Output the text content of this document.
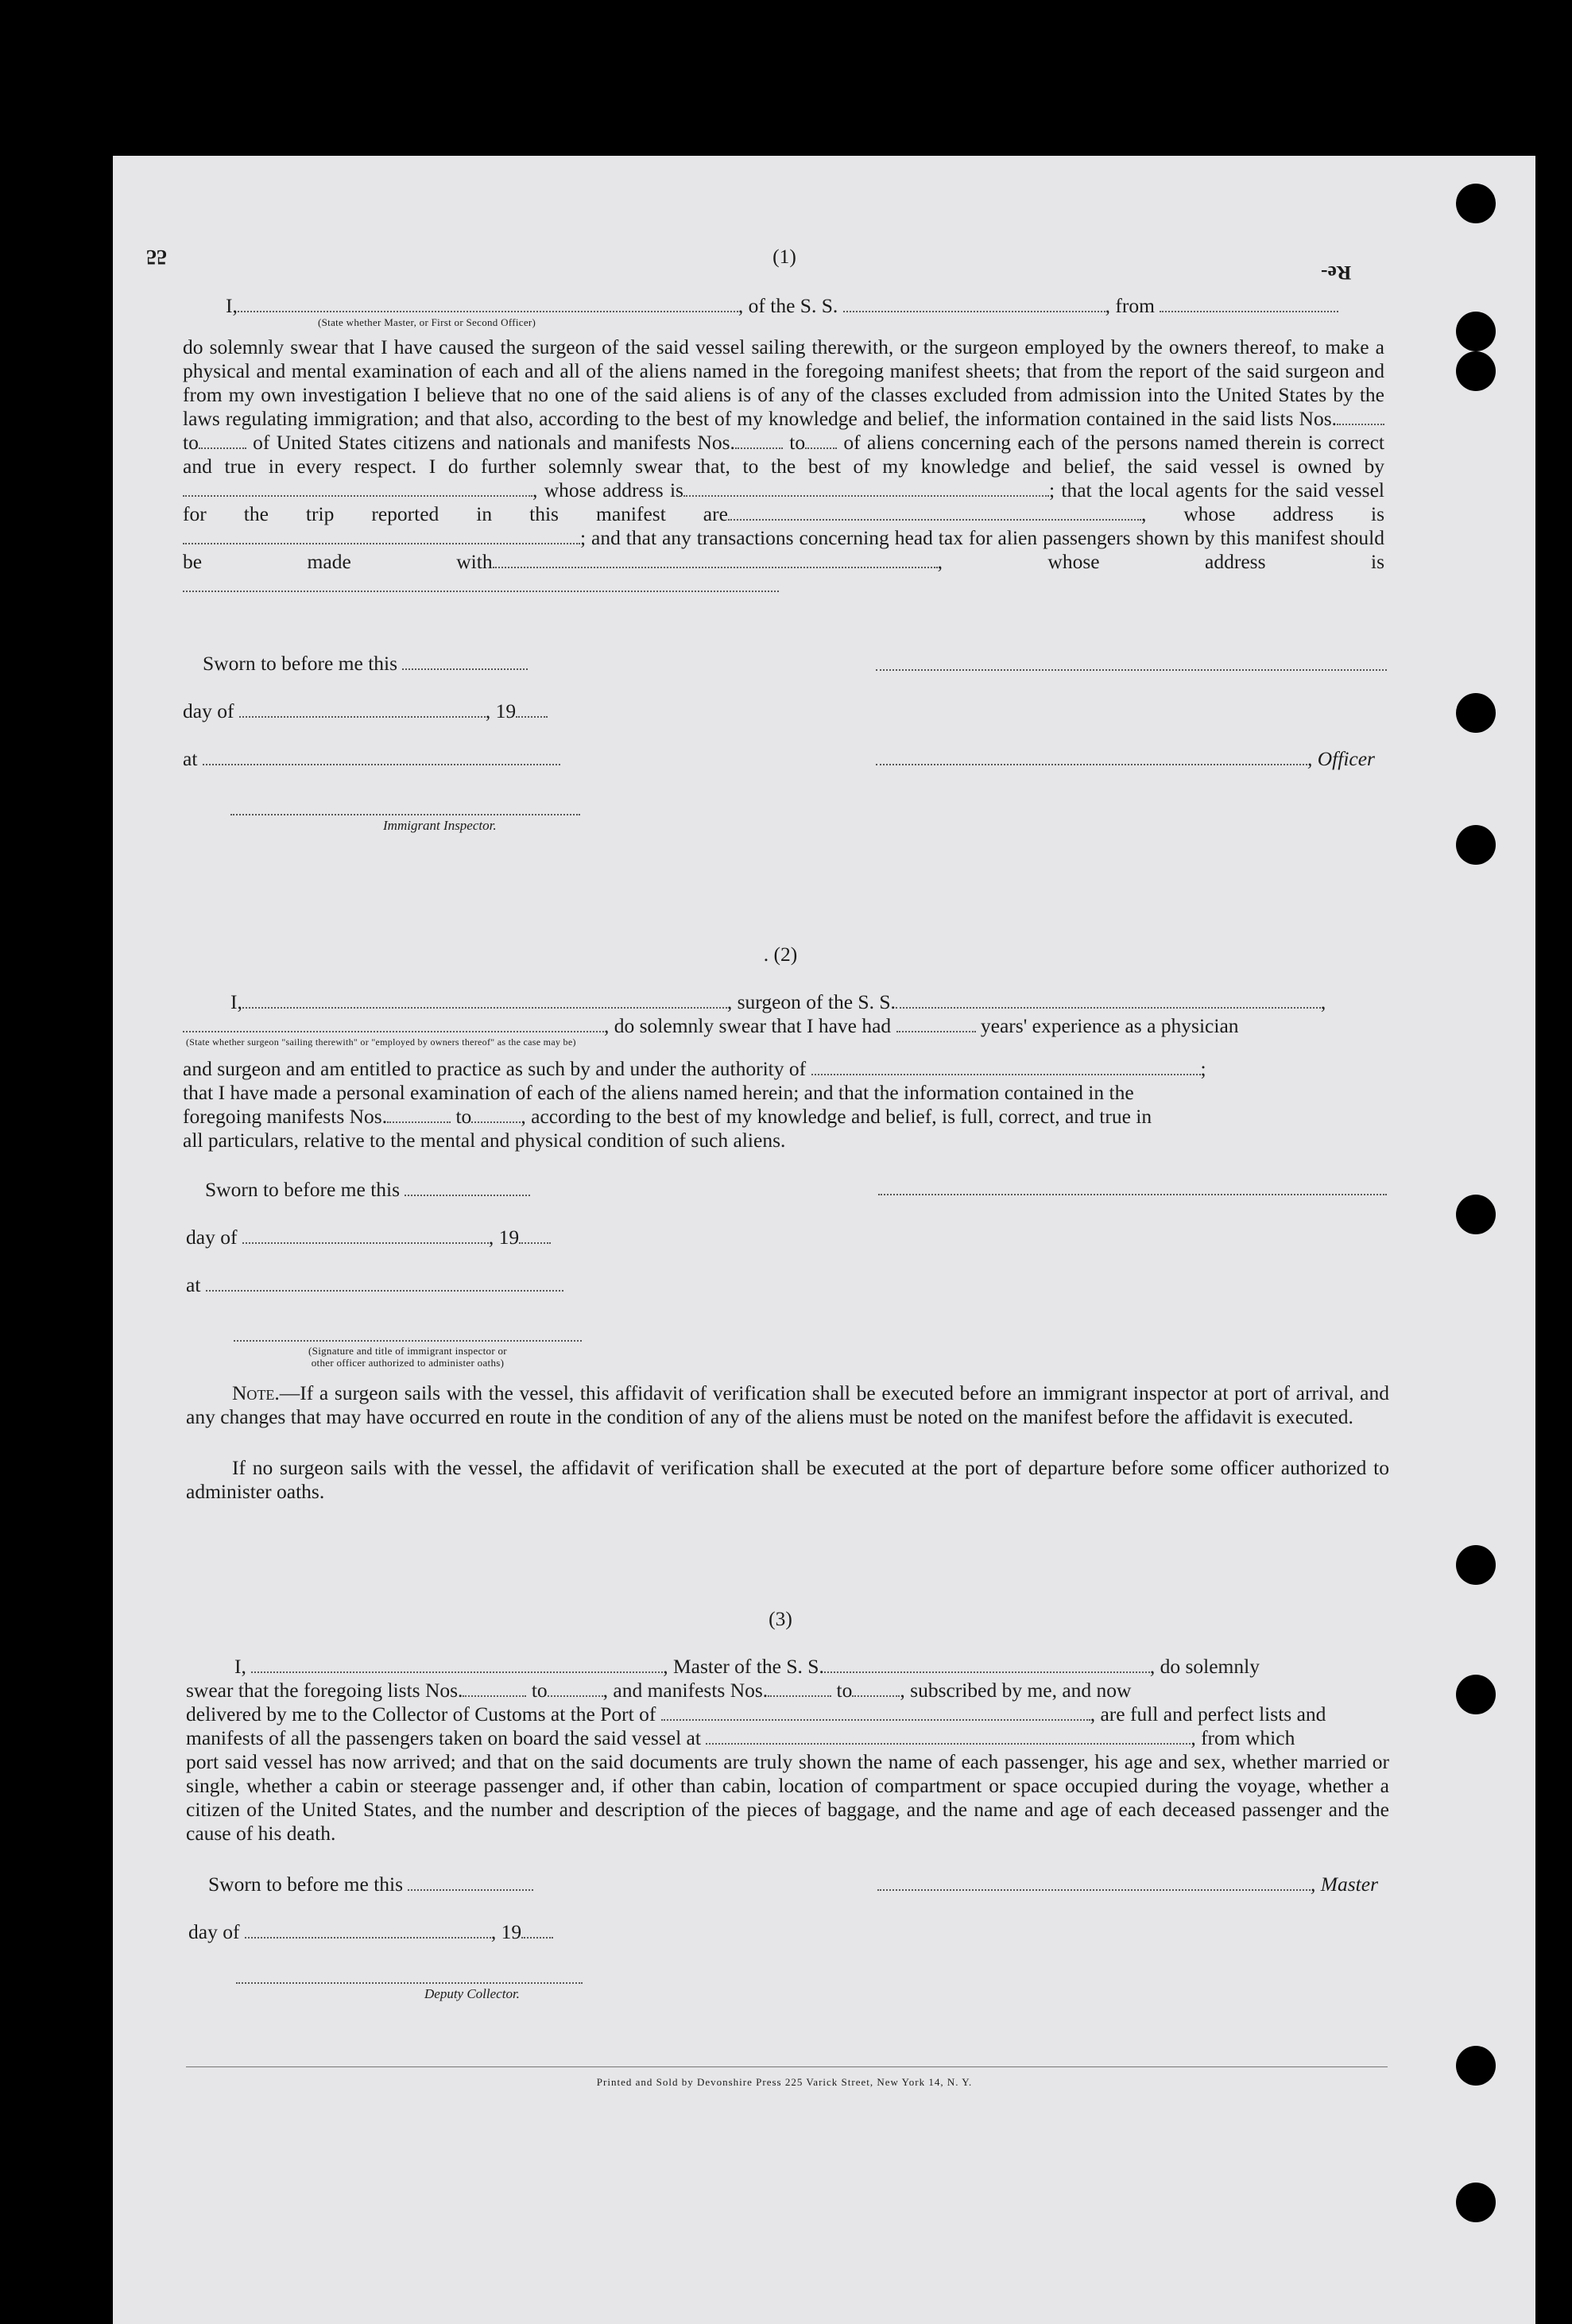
55
Re-
(1)
I,	, of the S. S.	, from
(State whether Master, or First or Second Officer)
do solemnly swear that I have caused the surgeon of the said vessel sailing therewith, or the surgeon employed by the owners thereof, to make a physical and mental examination of each and all of the aliens named in the foregoing manifest sheets; that from the report of the said surgeon and from my own investigation I believe that no one of the said aliens is of any of the classes excluded from admission into the United States by the laws regulating immigration; and that also, according to the best of my knowledge and belief, the information contained in the said lists Nos. to	of United States citizens and nationals and manifests Nos.	to of aliens concerning each of the persons named therein is correct and true in every respect. I do further solemnly swear that, to the best of my knowledge and belief, the said vessel is owned by, whose address is	; that the local agents for the said vessel for the trip reported in this manifest are	, whose address is; and that any transactions concerning head tax for alien passengers shown by this manifest should be made with	, whose address is
Sworn to before me this
day of	, 19
at	, Officer
Immigrant Inspector.
. (2)
I,	, surgeon of the S. S.	,
, do solemnly swear that I have had	years' experience as a physician
(State whether surgeon "sailing therewith" or "employed by owners thereof" as the case may be)
and surgeon and am entitled to practice as such by and under the authority of	;
that I have made a personal examination of each of the aliens named herein; and that the information contained in the
foregoing manifests Nos.	to , according to the best of my knowledge and belief, is full, correct, and true in
all particulars, relative to the mental and physical condition of such aliens.
Sworn to before me this
day of	, 19
at
(Signature and title of immigrant inspector or
other officer authorized to administer oaths)
Note.—If a surgeon sails with the vessel, this affidavit of verification shall be executed before an immigrant inspector at port of arrival, and any changes that may have occurred en route in the condition of any of the aliens must be noted on the manifest before the affidavit is executed.
If no surgeon sails with the vessel, the affidavit of verification shall be executed at the port of departure before some officer authorized to administer oaths.
(3)
I,	, Master of the S. S.	, do solemnly
swear that the foregoing lists Nos.	to	, and manifests Nos.	to , subscribed by me, and now
delivered by me to the Collector of Customs at the Port of	, are full and perfect lists and
manifests of all the passengers taken on board the said vessel at	, from which
port said vessel has now arrived; and that on the said documents are truly shown the name of each passenger, his age and sex, whether married or single, whether a cabin or steerage passenger and, if other than cabin, location of compartment or space occupied during the voyage, whether a citizen of the United States, and the number and description of the pieces of baggage, and the name and age of each deceased passenger and the cause of his death.
Sworn to before me this	, Master
day of	, 19
Deputy Collector.
Printed and Sold by Devonshire Press 225 Varick Street, New York 14, N. Y.
